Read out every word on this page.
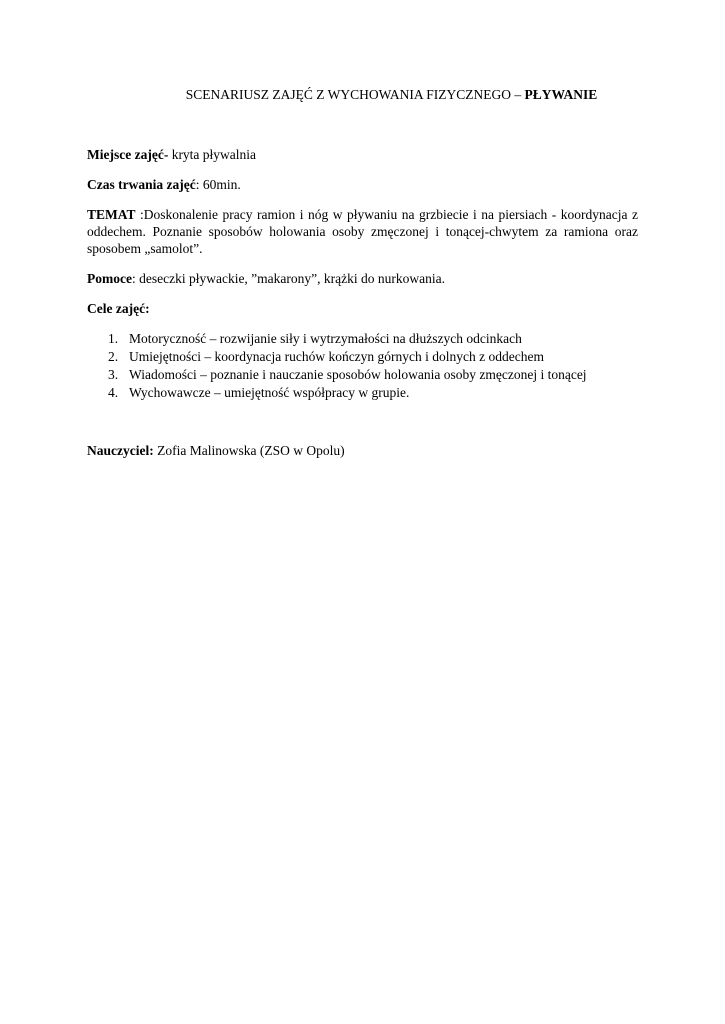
SCENARIUSZ ZAJĘĆ Z WYCHOWANIA FIZYCZNEGO – PŁYWANIE

Miejsce zajęć- kryta pływalnia

Czas trwania zajęć: 60min.

TEMAT :Doskonalenie pracy ramion i nóg w pływaniu na grzbiecie i na piersiach - koordynacja z oddechem. Poznanie sposobów holowania osoby zmęczonej i tonącej-chwytem za ramiona oraz sposobem „samolot”.

Pomoce: deseczki pływackie, ”makarony”, krążki do nurkowania.

Cele zajęć:

1. Motoryczność – rozwijanie siły i wytrzymałości na dłuższych odcinkach
2. Umiejętności – koordynacja ruchów kończyn górnych i dolnych z oddechem
3. Wiadomości – poznanie i nauczanie sposobów holowania osoby zmęczonej i tonącej
4. Wychowawcze – umiejętność współpracy w grupie.

Nauczyciel: Zofia Malinowska (ZSO w Opolu)
